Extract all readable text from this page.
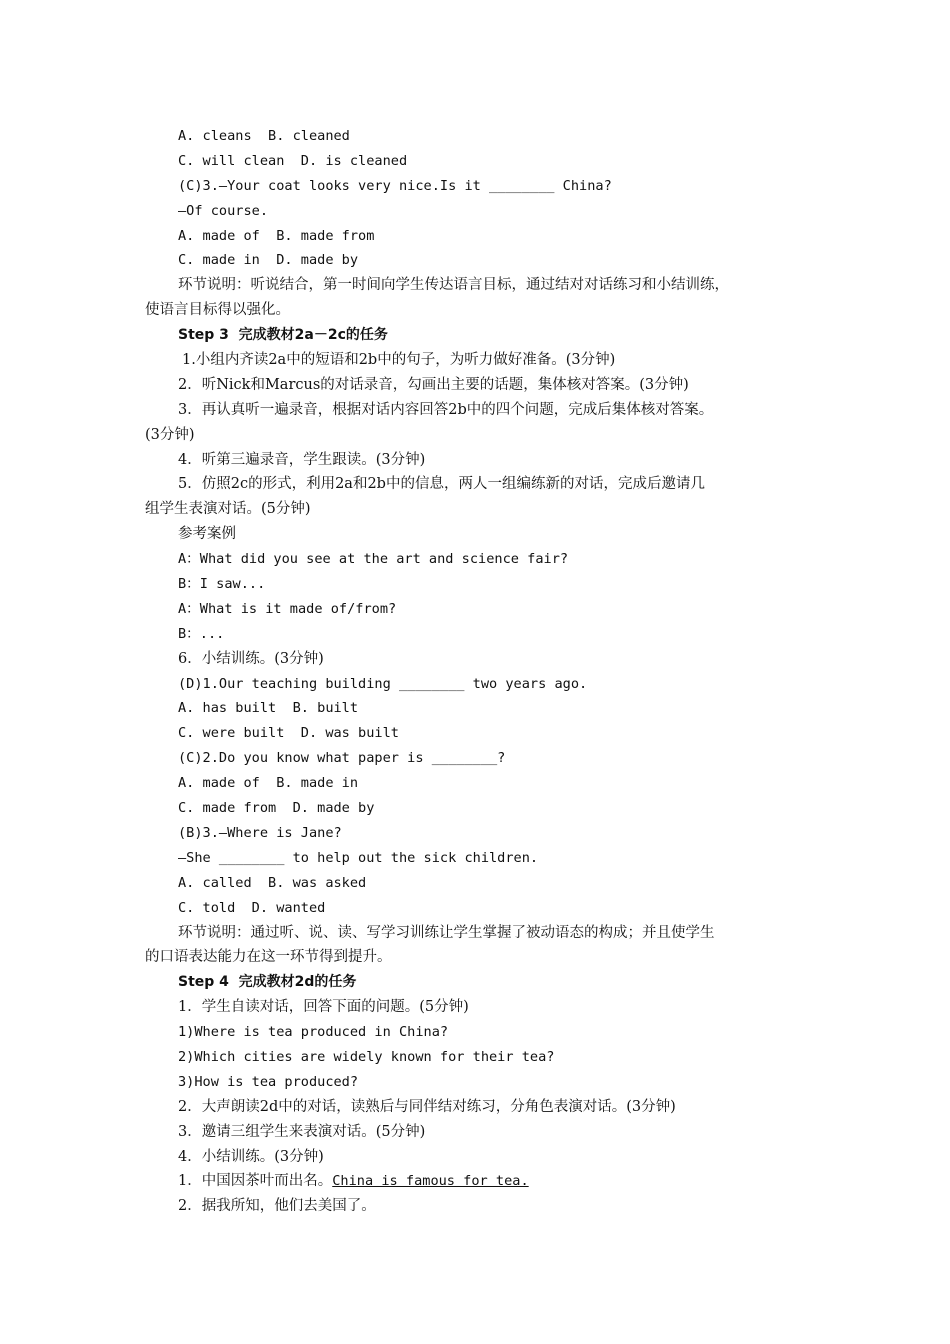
A. cleans  B. cleaned
C. will clean  D. is cleaned
(C)3.—Your coat looks very nice.Is it ________ China?
—Of course.
A. made of  B. made from
C. made in  D. made by
环节说明：听说结合，第一时间向学生传达语言目标，通过结对对话练习和小结训练，
使语言目标得以强化。
Step 3  完成教材2a－2c的任务
1.小组内齐读2a中的短语和2b中的句子，为听力做好准备。(3分钟)
2．听Nick和Marcus的对话录音，勾画出主要的话题，集体核对答案。(3分钟)
3．再认真听一遍录音，根据对话内容回答2b中的四个问题，完成后集体核对答案。
(3分钟)
4．听第三遍录音，学生跟读。(3分钟)
5．仿照2c的形式，利用2a和2b中的信息，两人一组编练新的对话，完成后邀请几
组学生表演对话。(5分钟)
参考案例
A：What did you see at the art and science fair?
B：I saw...
A：What is it made of/from?
B：...
6．小结训练。(3分钟)
(D)1.Our teaching building ________ two years ago.
A. has built  B. built
C. were built  D. was built
(C)2.Do you know what paper is ________?
A. made of  B. made in
C. made from  D. made by
(B)3.—Where is Jane?
—She ________ to help out the sick children.
A. called  B. was asked
C. told  D. wanted
环节说明：通过听、说、读、写学习训练让学生掌握了被动语态的构成；并且使学生
的口语表达能力在这一环节得到提升。
Step 4  完成教材2d的任务
1．学生自读对话，回答下面的问题。(5分钟)
1)Where is tea produced in China?
2)Which cities are widely known for their tea?
3)How is tea produced?
2．大声朗读2d中的对话，读熟后与同伴结对练习，分角色表演对话。(3分钟)
3．邀请三组学生来表演对话。(5分钟)
4．小结训练。(3分钟)
1．中国因茶叶而出名。China is famous for tea.
2．据我所知，他们去美国了。
